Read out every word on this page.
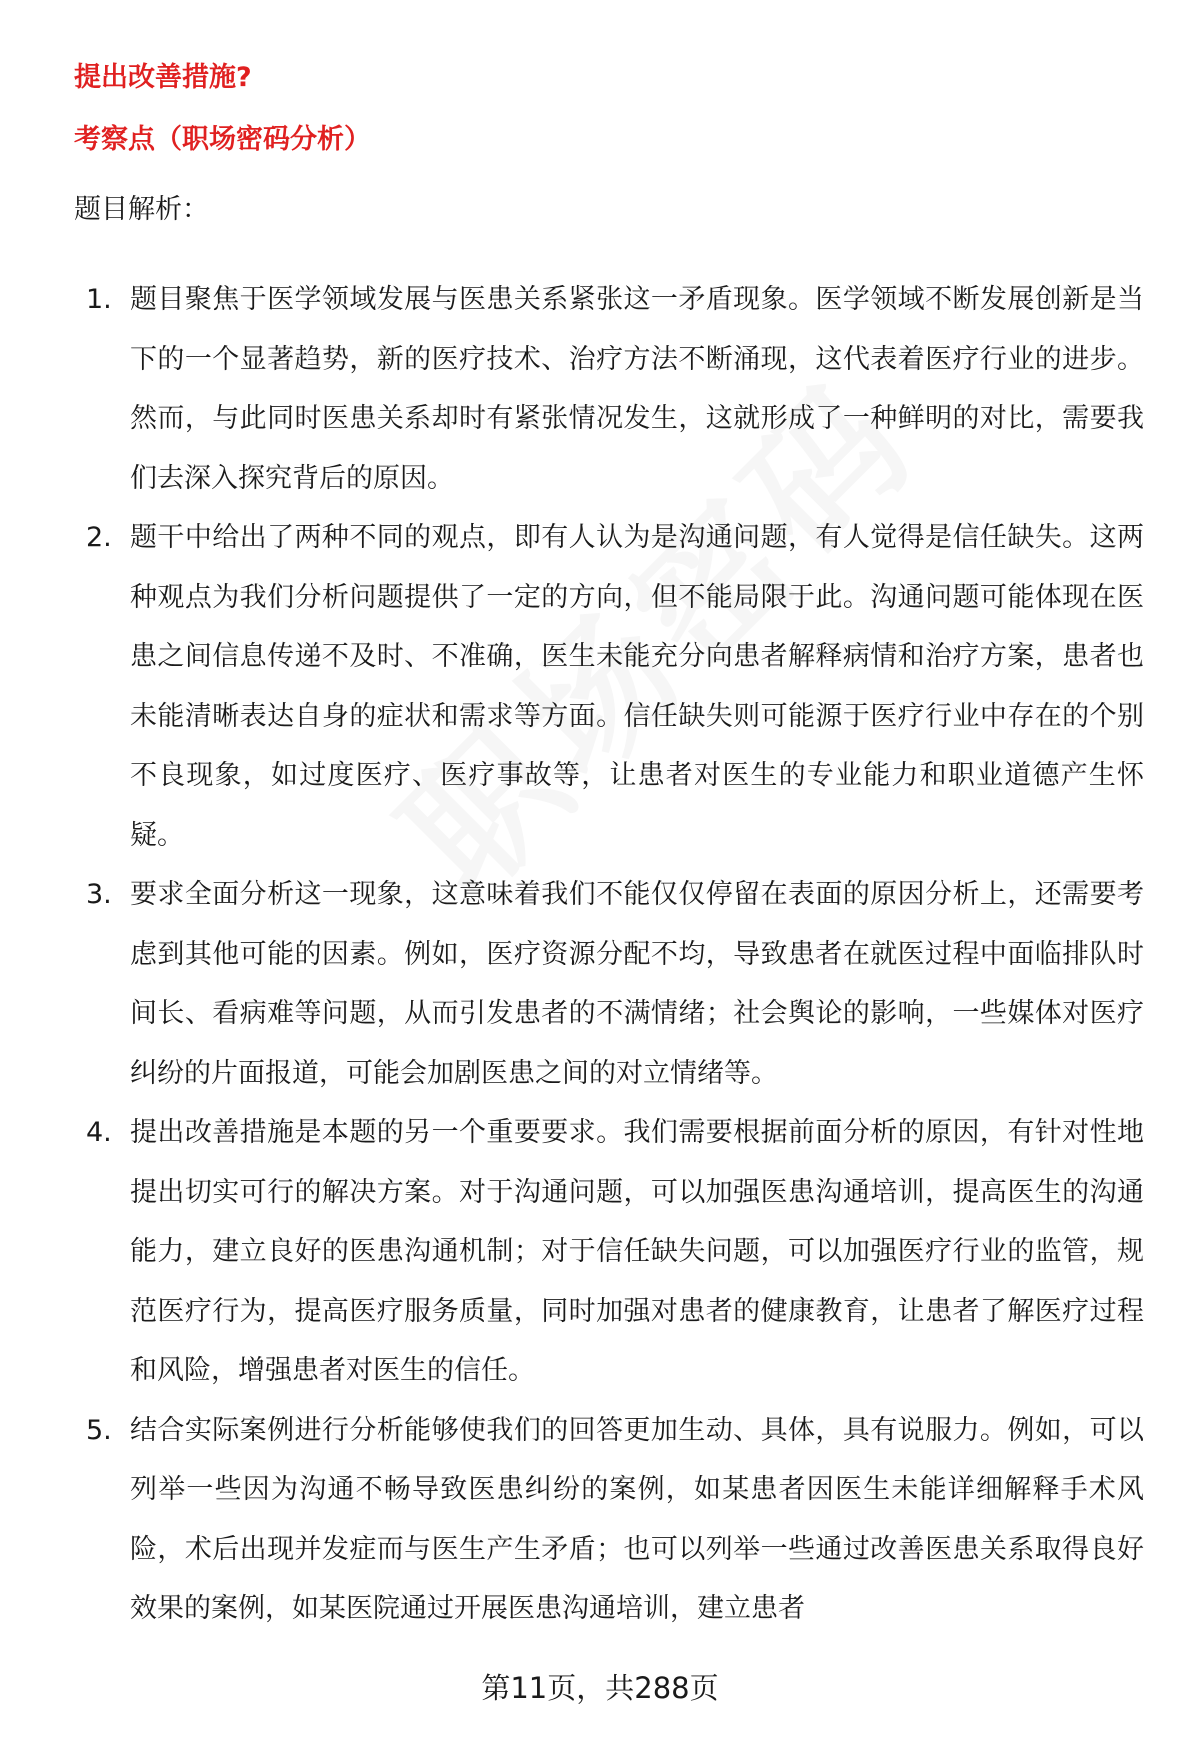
提出改善措施?
考察点（职场密码分析）

题目解析：

1. 题目聚焦于医学领域发展与医患关系紧张这一矛盾现象。医学领域不断发展创新是当下的一个显著趋势，新的医疗技术、治疗方法不断涌现，这代表着医疗行业的进步。然而，与此同时医患关系却时有紧张情况发生，这就形成了一种鲜明的对比，需要我们去深入探究背后的原因。
2. 题干中给出了两种不同的观点，即有人认为是沟通问题，有人觉得是信任缺失。这两种观点为我们分析问题提供了一定的方向，但不能局限于此。沟通问题可能体现在医患之间信息传递不及时、不准确，医生未能充分向患者解释病情和治疗方案，患者也未能清晰表达自身的症状和需求等方面。信任缺失则可能源于医疗行业中存在的个别不良现象，如过度医疗、医疗事故等，让患者对医生的专业能力和职业道德产生怀疑。
3. 要求全面分析这一现象，这意味着我们不能仅仅停留在表面的原因分析上，还需要考虑到其他可能的因素。例如，医疗资源分配不均，导致患者在就医过程中面临排队时间长、看病难等问题，从而引发患者的不满情绪；社会舆论的影响，一些媒体对医疗纠纷的片面报道，可能会加剧医患之间的对立情绪等。
4. 提出改善措施是本题的另一个重要要求。我们需要根据前面分析的原因，有针对性地提出切实可行的解决方案。对于沟通问题，可以加强医患沟通培训，提高医生的沟通能力，建立良好的医患沟通机制；对于信任缺失问题，可以加强医疗行业的监管，规范医疗行为，提高医疗服务质量，同时加强对患者的健康教育，让患者了解医疗过程和风险，增强患者对医生的信任。
5. 结合实际案例进行分析能够使我们的回答更加生动、具体，具有说服力。例如，可以列举一些因为沟通不畅导致医患纠纷的案例，如某患者因医生未能详细解释手术风险，术后出现并发症而与医生产生矛盾；也可以列举一些通过改善医患关系取得良好效果的案例，如某医院通过开展医患沟通培训，建立患者
第11页，共288页
